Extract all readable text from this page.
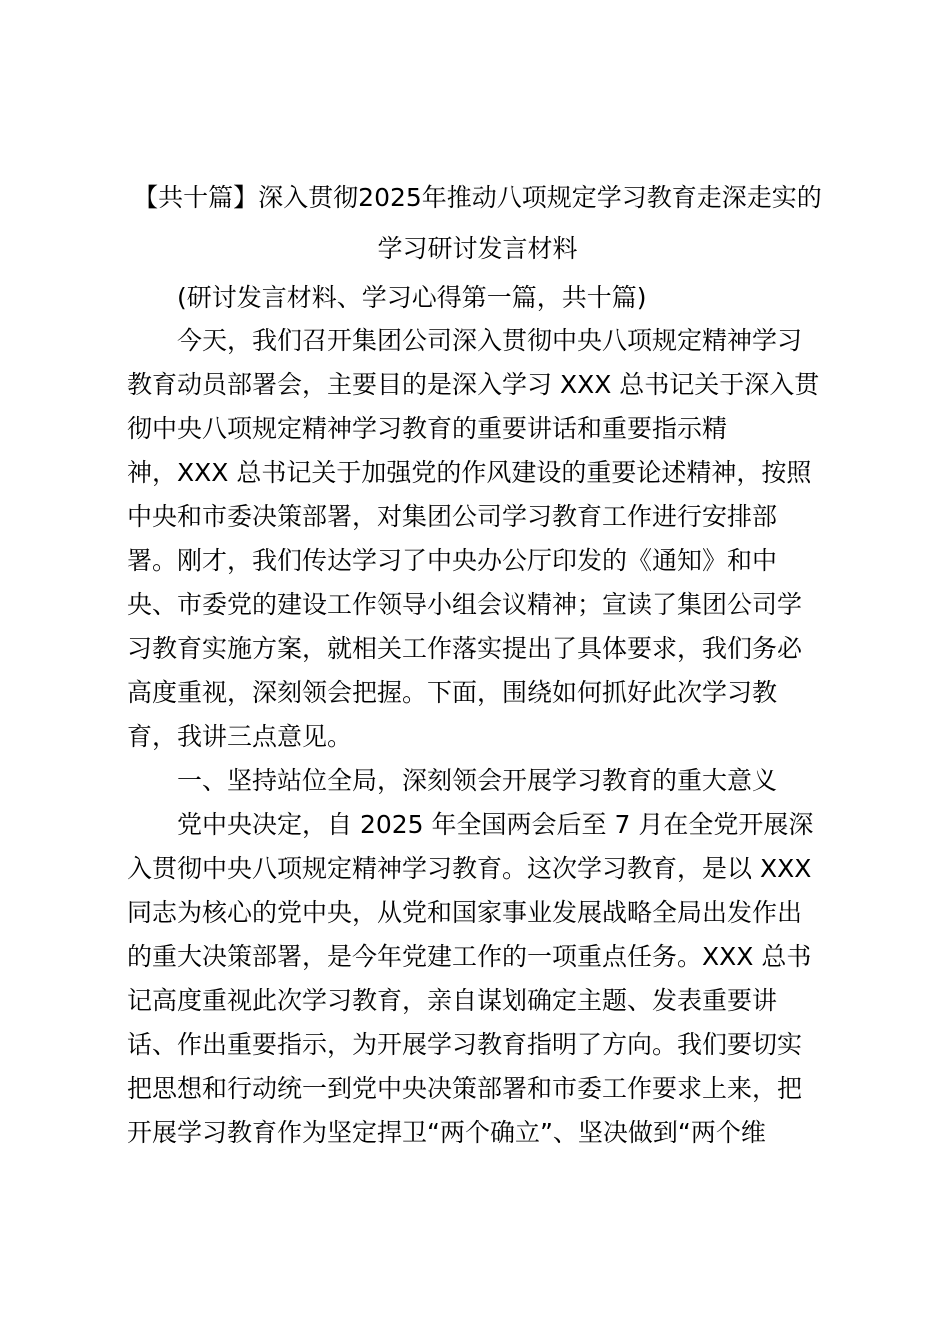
【共十篇】深入贯彻2025年推动八项规定学习教育走深走实的
学习研讨发言材料
(研讨发言材料、学习心得第一篇，共十篇)
今天，我们召开集团公司深入贯彻中央八项规定精神学习
教育动员部署会，主要目的是深入学习 XXX 总书记关于深入贯
彻中央八项规定精神学习教育的重要讲话和重要指示精
神，XXX 总书记关于加强党的作风建设的重要论述精神，按照
中央和市委决策部署，对集团公司学习教育工作进行安排部
署。刚才，我们传达学习了中央办公厅印发的《通知》和中
央、市委党的建设工作领导小组会议精神；宣读了集团公司学
习教育实施方案，就相关工作落实提出了具体要求，我们务必
高度重视，深刻领会把握。下面，围绕如何抓好此次学习教
育，我讲三点意见。
一、坚持站位全局，深刻领会开展学习教育的重大意义
党中央决定，自 2025 年全国两会后至 7 月在全党开展深
入贯彻中央八项规定精神学习教育。这次学习教育，是以 XXX
同志为核心的党中央，从党和国家事业发展战略全局出发作出
的重大决策部署，是今年党建工作的一项重点任务。XXX 总书
记高度重视此次学习教育，亲自谋划确定主题、发表重要讲
话、作出重要指示，为开展学习教育指明了方向。我们要切实
把思想和行动统一到党中央决策部署和市委工作要求上来，把
开展学习教育作为坚定捍卫“两个确立”、坚决做到“两个维
